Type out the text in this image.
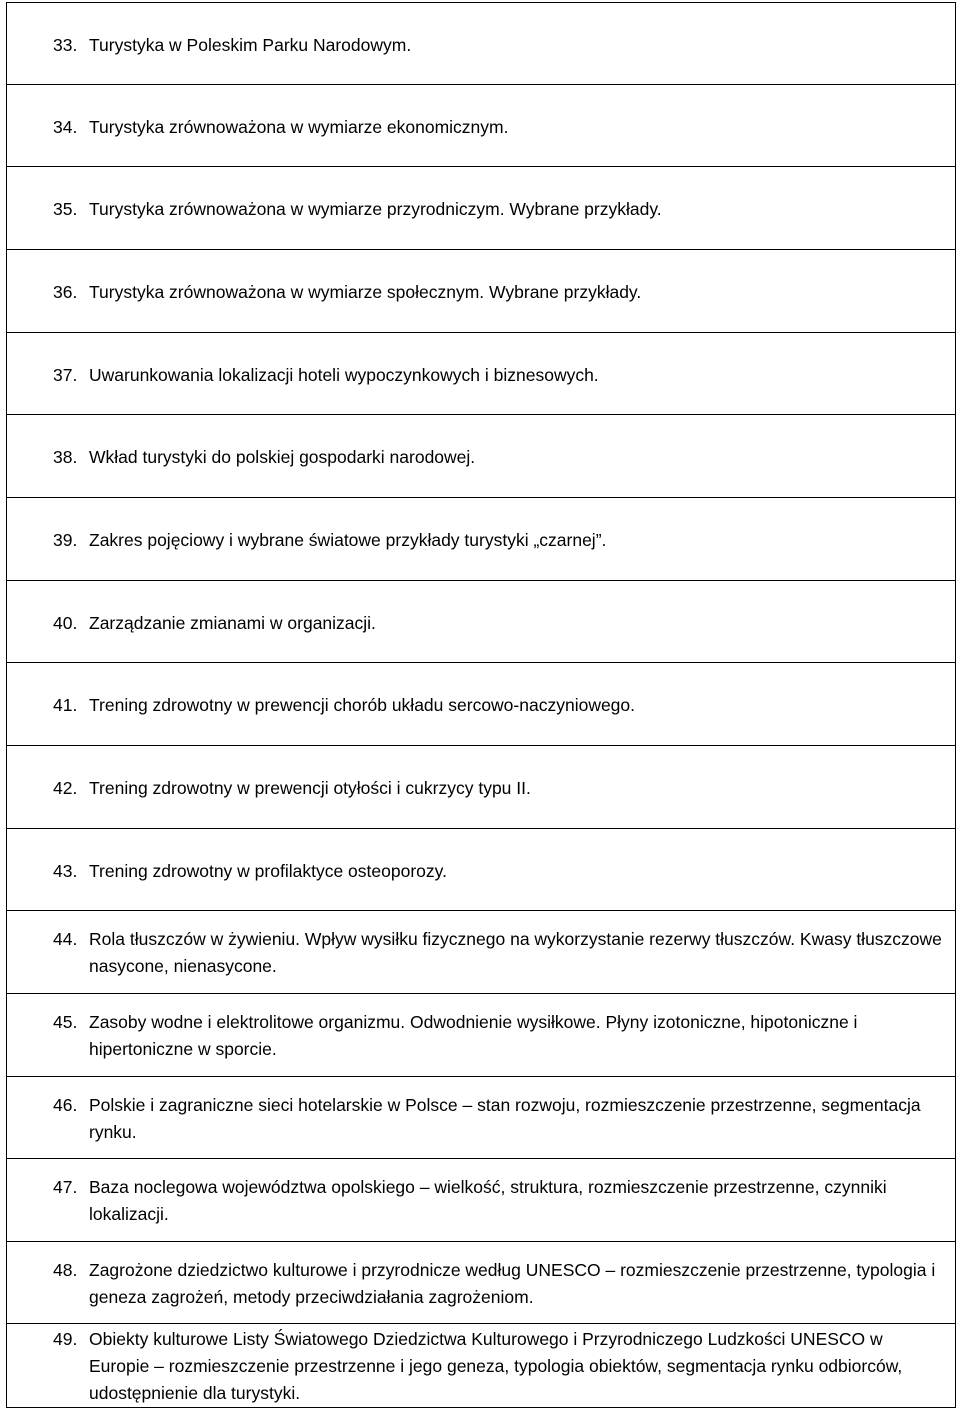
33. Turystyka w Poleskim Parku Narodowym.

34. Turystyka zrównoważona w wymiarze ekonomicznym.

35. Turystyka zrównoważona w wymiarze przyrodniczym. Wybrane przykłady.

36. Turystyka zrównoważona w wymiarze społecznym. Wybrane przykłady.

37. Uwarunkowania lokalizacji hoteli wypoczynkowych i biznesowych.

38. Wkład turystyki do polskiej gospodarki narodowej.

39. Zakres pojęciowy i wybrane światowe przykłady turystyki „czarnej”.

40. Zarządzanie zmianami w organizacji.

41. Trening zdrowotny w prewencji chorób układu sercowo-naczyniowego.

42. Trening zdrowotny w prewencji otyłości i cukrzycy typu II.

43. Trening zdrowotny w profilaktyce osteoporozy.

44. Rola tłuszczów w żywieniu. Wpływ wysiłku fizycznego na wykorzystanie rezerwy tłuszczów. Kwasy tłuszczowe nasycone, nienasycone.

45. Zasoby wodne i elektrolitowe organizmu. Odwodnienie wysiłkowe. Płyny izotoniczne, hipotoniczne i hipertoniczne w sporcie.

46. Polskie i zagraniczne sieci hotelarskie w Polsce – stan rozwoju, rozmieszczenie przestrzenne, segmentacja rynku.

47. Baza noclegowa województwa opolskiego – wielkość, struktura, rozmieszczenie przestrzenne, czynniki lokalizacji.

48. Zagrożone dziedzictwo kulturowe i przyrodnicze według UNESCO – rozmieszczenie przestrzenne, typologia i geneza zagrożeń, metody przeciwdziałania zagrożeniom.

49. Obiekty kulturowe Listy Światowego Dziedzictwa Kulturowego i Przyrodniczego Ludzkości UNESCO w Europie – rozmieszczenie przestrzenne i jego geneza, typologia obiektów, segmentacja rynku odbiorców, udostępnienie dla turystyki.
